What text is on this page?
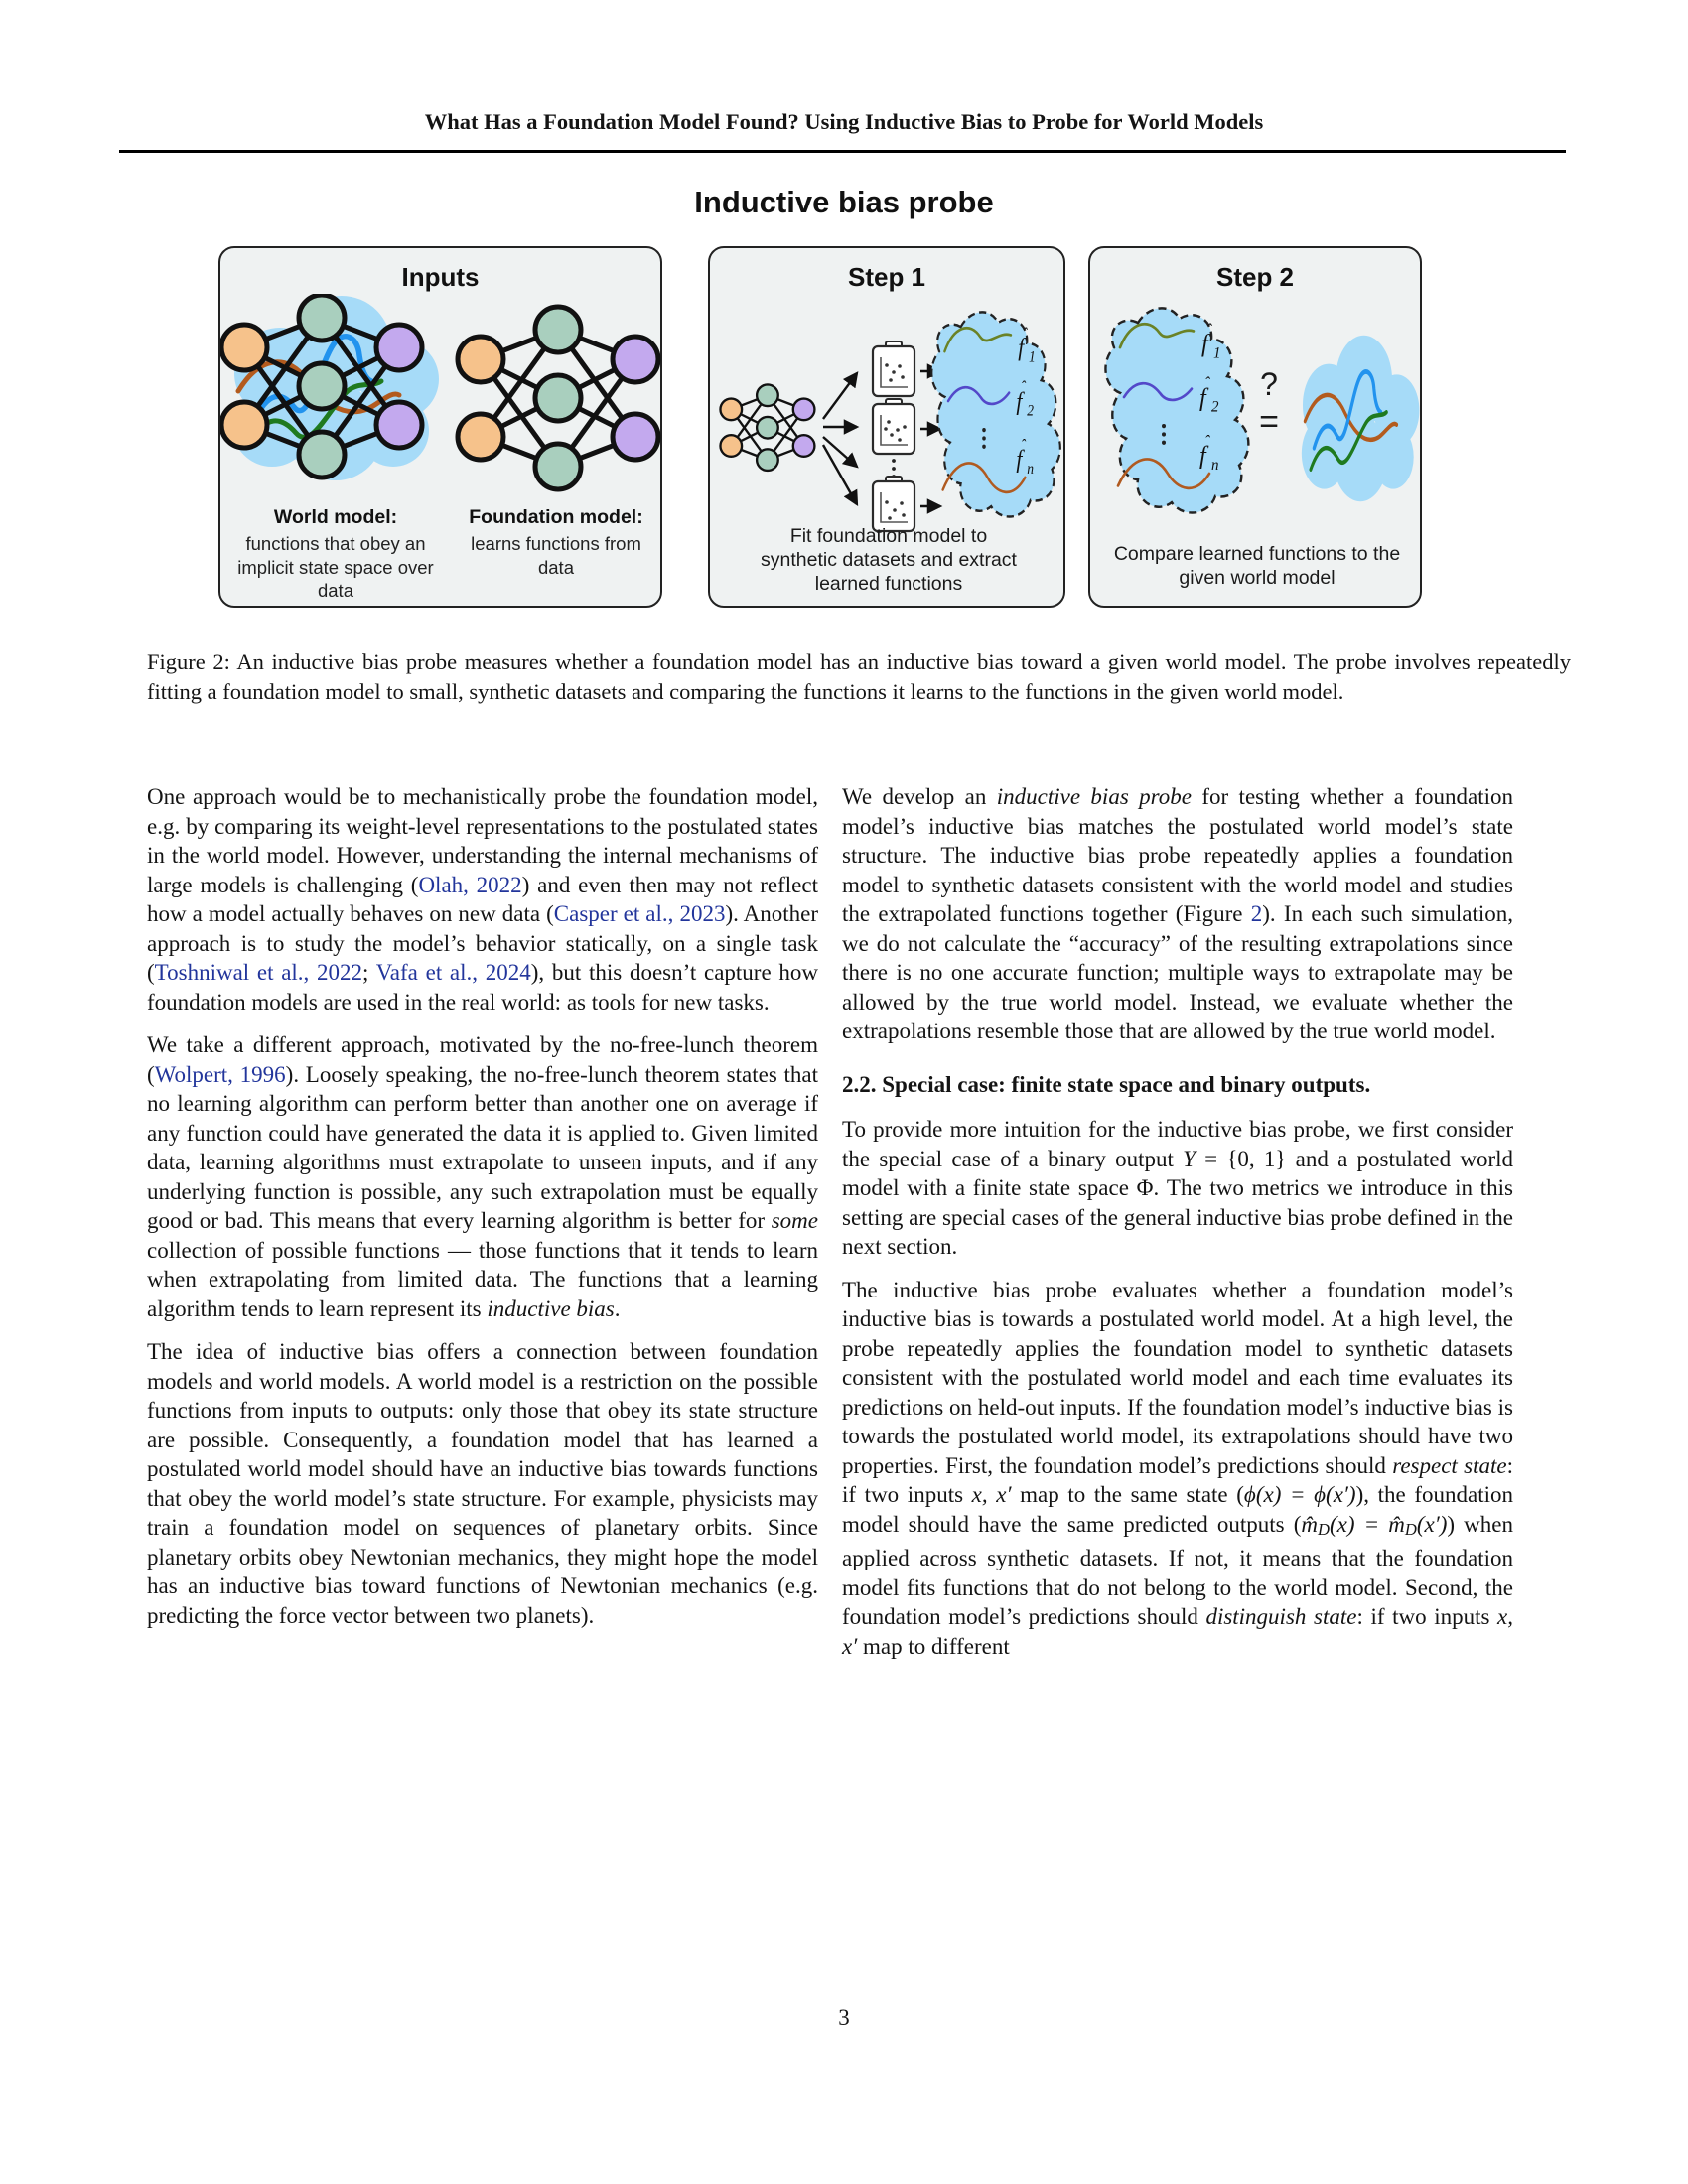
What Has a Foundation Model Found? Using Inductive Bias to Probe for World Models
Inductive bias probe
Inputs
World model:
functions that obey an implicit state space over data
Foundation model:
learns functions from data
Step 1
f
ˆ
1
f
ˆ
2
f
ˆ
n
Fit foundation model to synthetic datasets and extract learned functions
Step 2
f
ˆ
1
f
ˆ
2
f
ˆ
n
?
=
Compare learned functions to the given world model
Figure 2: An inductive bias probe measures whether a foundation model has an inductive bias toward a given world model. The probe involves repeatedly fitting a foundation model to small, synthetic datasets and comparing the functions it learns to the functions in the given world model.

One approach would be to mechanistically probe the foundation model, e.g. by comparing its weight-level representations to the postulated states in the world model. However, understanding the internal mechanisms of large models is challenging (Olah, 2022) and even then may not reflect how a model actually behaves on new data (Casper et al., 2023). Another approach is to study the model’s behavior statically, on a single task (Toshniwal et al., 2022; Vafa et al., 2024), but this doesn’t capture how foundation models are used in the real world: as tools for new tasks.

We take a different approach, motivated by the no-free-lunch theorem (Wolpert, 1996). Loosely speaking, the no-free-lunch theorem states that no learning algorithm can perform better than another one on average if any function could have generated the data it is applied to. Given limited data, learning algorithms must extrapolate to unseen inputs, and if any underlying function is possible, any such extrapolation must be equally good or bad. This means that every learning algorithm is better for some collection of possible functions — those functions that it tends to learn when extrapolating from limited data. The functions that a learning algorithm tends to learn represent its inductive bias.

The idea of inductive bias offers a connection between foundation models and world models. A world model is a restriction on the possible functions from inputs to outputs: only those that obey its state structure are possible. Consequently, a foundation model that has learned a postulated world model should have an inductive bias towards functions that obey the world model’s state structure. For example, physicists may train a foundation model on sequences of planetary orbits. Since planetary orbits obey Newtonian mechanics, they might hope the model has an inductive bias toward functions of Newtonian mechanics (e.g. predicting the force vector between two planets).

We develop an inductive bias probe for testing whether a foundation model’s inductive bias matches the postulated world model’s state structure. The inductive bias probe repeatedly applies a foundation model to synthetic datasets consistent with the world model and studies the extrapolated functions together (Figure 2). In each such simulation, we do not calculate the “accuracy” of the resulting extrapolations since there is no one accurate function; multiple ways to extrapolate may be allowed by the true world model. Instead, we evaluate whether the extrapolations resemble those that are allowed by the true world model.

2.2. Special case: finite state space and binary outputs.

To provide more intuition for the inductive bias probe, we first consider the special case of a binary output Y = {0, 1} and a postulated world model with a finite state space Φ. The two metrics we introduce in this setting are special cases of the general inductive bias probe defined in the next section.

The inductive bias probe evaluates whether a foundation model’s inductive bias is towards a postulated world model. At a high level, the probe repeatedly applies the foundation model to synthetic datasets consistent with the postulated world model and each time evaluates its predictions on held-out inputs. If the foundation model’s inductive bias is towards the postulated world model, its extrapolations should have two properties. First, the foundation model’s predictions should respect state: if two inputs x, x′ map to the same state (ϕ(x) = ϕ(x′)), the foundation model should have the same predicted outputs (m̂D(x) = m̂D(x′)) when applied across synthetic datasets. If not, it means that the foundation model fits functions that do not belong to the world model. Second, the foundation model’s predictions should distinguish state: if two inputs x, x′ map to different

3
